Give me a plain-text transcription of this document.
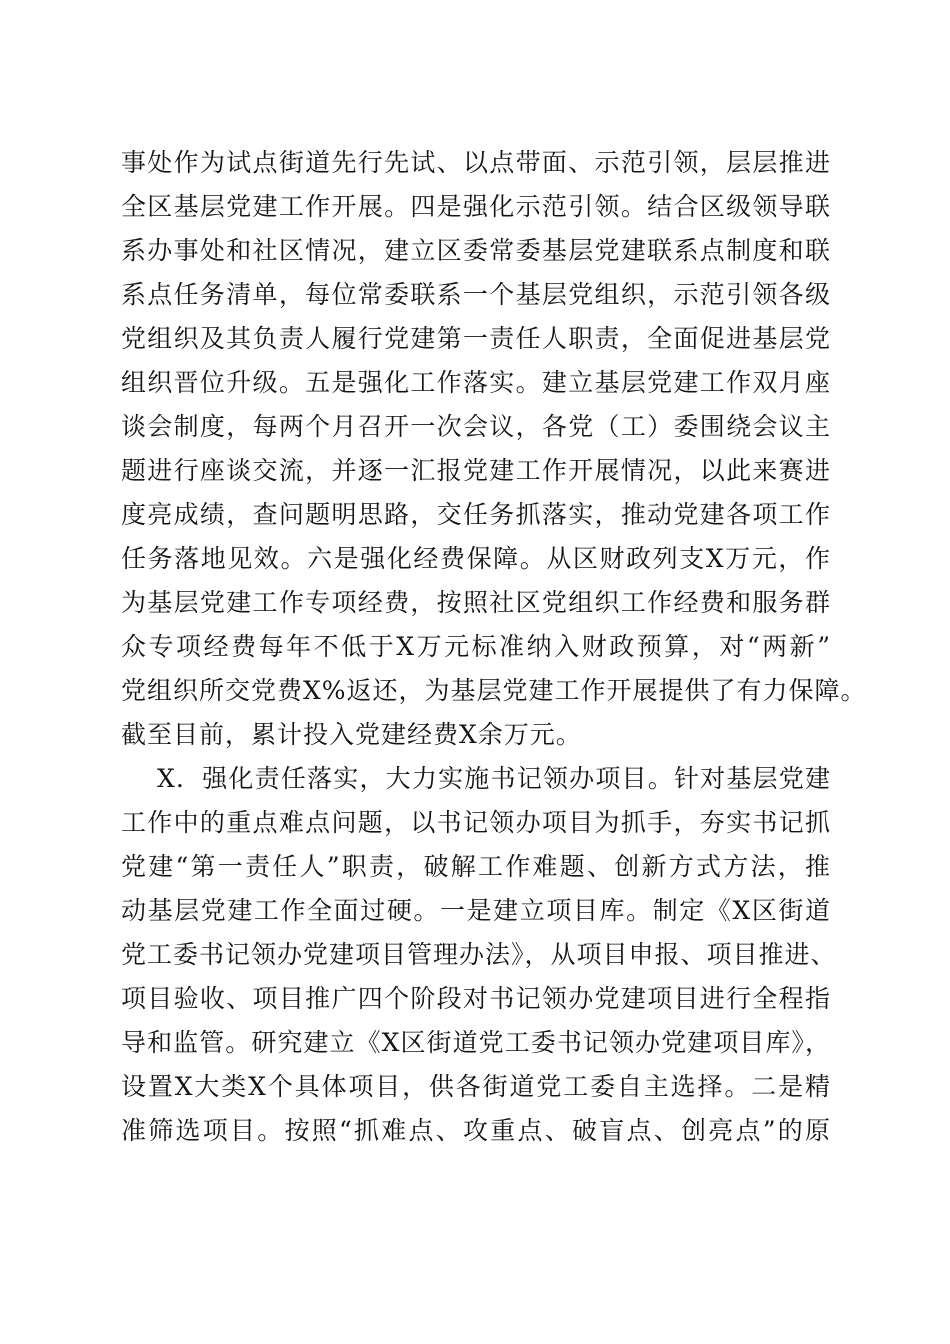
事处作为试点街道先行先试、以点带面、示范引领，层层推进
全区基层党建工作开展。四是强化示范引领。结合区级领导联
系办事处和社区情况，建立区委常委基层党建联系点制度和联
系点任务清单，每位常委联系一个基层党组织，示范引领各级
党组织及其负责人履行党建第一责任人职责，全面促进基层党
组织晋位升级。五是强化工作落实。建立基层党建工作双月座
谈会制度，每两个月召开一次会议，各党（工）委围绕会议主
题进行座谈交流，并逐一汇报党建工作开展情况，以此来赛进
度亮成绩，查问题明思路，交任务抓落实，推动党建各项工作
任务落地见效。六是强化经费保障。从区财政列支X万元，作
为基层党建工作专项经费，按照社区党组织工作经费和服务群
众专项经费每年不低于X万元标准纳入财政预算，对“两新”
党组织所交党费X%返还，为基层党建工作开展提供了有力保障。
截至目前，累计投入党建经费X余万元。
X．强化责任落实，大力实施书记领办项目。针对基层党建
工作中的重点难点问题，以书记领办项目为抓手，夯实书记抓
党建“第一责任人”职责，破解工作难题、创新方式方法，推
动基层党建工作全面过硬。一是建立项目库。制定《X区街道
党工委书记领办党建项目管理办法》，从项目申报、项目推进、
项目验收、项目推广四个阶段对书记领办党建项目进行全程指
导和监管。研究建立《X区街道党工委书记领办党建项目库》，
设置X大类X个具体项目，供各街道党工委自主选择。二是精
准筛选项目。按照“抓难点、攻重点、破盲点、创亮点”的原
